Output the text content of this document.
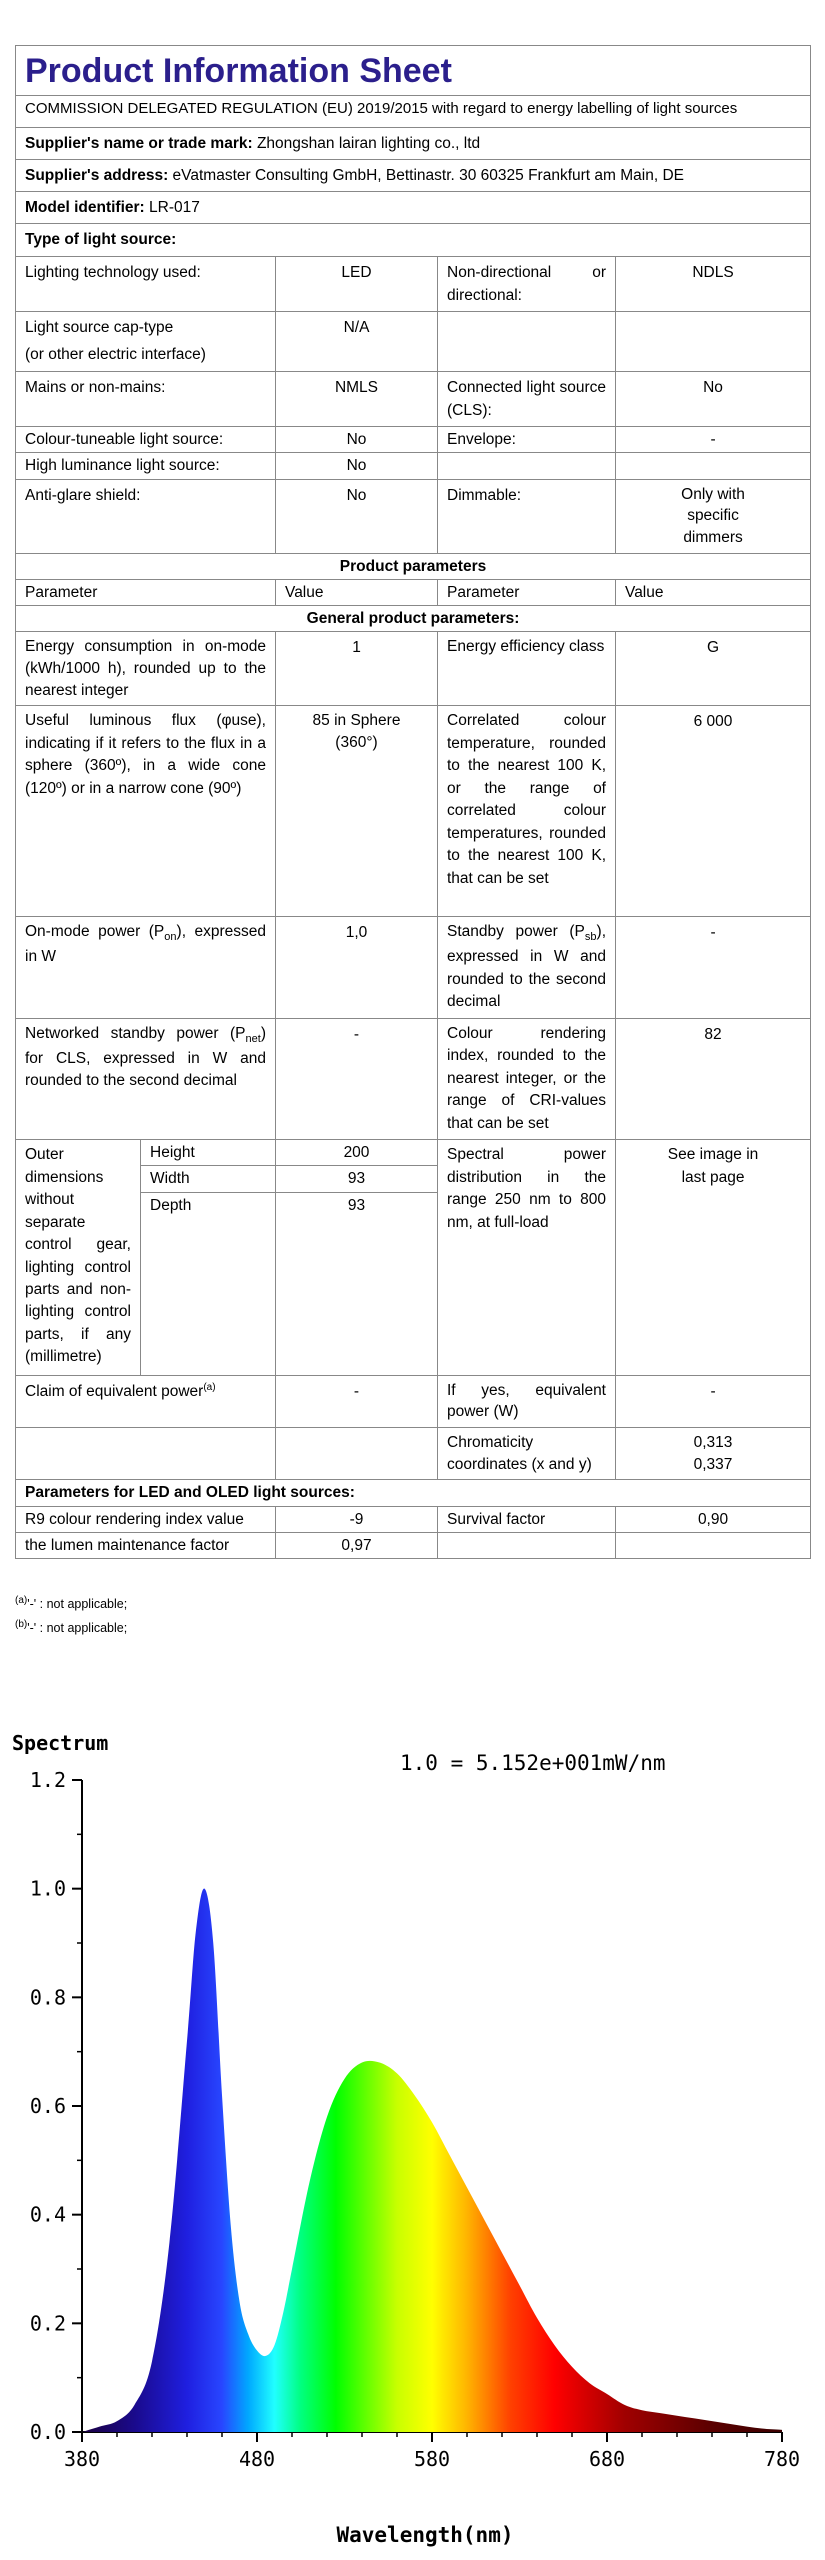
Product Information Sheet				
COMMISSION DELEGATED REGULATION (EU) 2019/2015 with regard to energy labelling of light sources				
Supplier's name or trade mark: Zhongshan lairan lighting co., ltd				
Supplier's address: eVatmaster Consulting GmbH, Bettinastr. 30 60325 Frankfurt am Main, DE				
Model identifier: LR-017				
Type of light source:				
Lighting technology used:		LED	Non-directional or directional:	NDLS

Light source cap-type
(or other electric interface)		N/A		
Mains or non-mains:		NMLS	Connected light source (CLS):	No
Colour-tuneable light source:		No	Envelope:	-
High luminance light source:		No		
Anti-glare shield:		No	Dimmable:	Only with specific dimmers
Product parameters				
Parameter		Value	Parameter	Value
General product parameters:				
Energy consumption in on-mode (kWh/1000 h), rounded up to the nearest integer		1	Energy efficiency class	G
Useful luminous flux (φuse), indicating if it refers to the flux in a sphere (360º), in a wide cone (120º) or in a narrow cone (90º)		85 in Sphere (360°)	Correlated colour temperature, rounded to the nearest 100 K, or the range of correlated colour temperatures, rounded to the nearest 100 K, that can be set	6 000
On-mode power $(P_{on})$, expressed in W		1,0	Standby power $(P_{sb})$, expressed in W and rounded to the second decimal	-
Networked standby power $(P_{net})$ for CLS, expressed in W and rounded to the second decimal		-	Colour rendering index, rounded to the nearest integer, or the range of CRI-values that can be set	82
Outer dimensions without separate control gear, lighting control parts and non-lighting control parts, if any (millimetre)	Height	200	Spectral power distribution in the range 250 nm to 800 nm, at full-load	See image in last page
	Width	93		
	Depth	93		
Claim of equivalent power$^{(a)}$		-	If yes, equivalent power (W)	-
			Chromaticity coordinates (x and y)	0,313
0,337

Parameters for LED and OLED light sources:				
R9 colour rendering index value		-9	Survival factor	0,90
the lumen maintenance factor		0,97		
$^{(a)}$'-' : not applicable;
$^{(b)}$'-' : not applicable;
Spectrum
1.0 = 5.152e+001mW/nm
0.0
0.2
0.4
0.6
0.8
1.0
1.2
380	480	580	680	780
Wavelength(nm)
